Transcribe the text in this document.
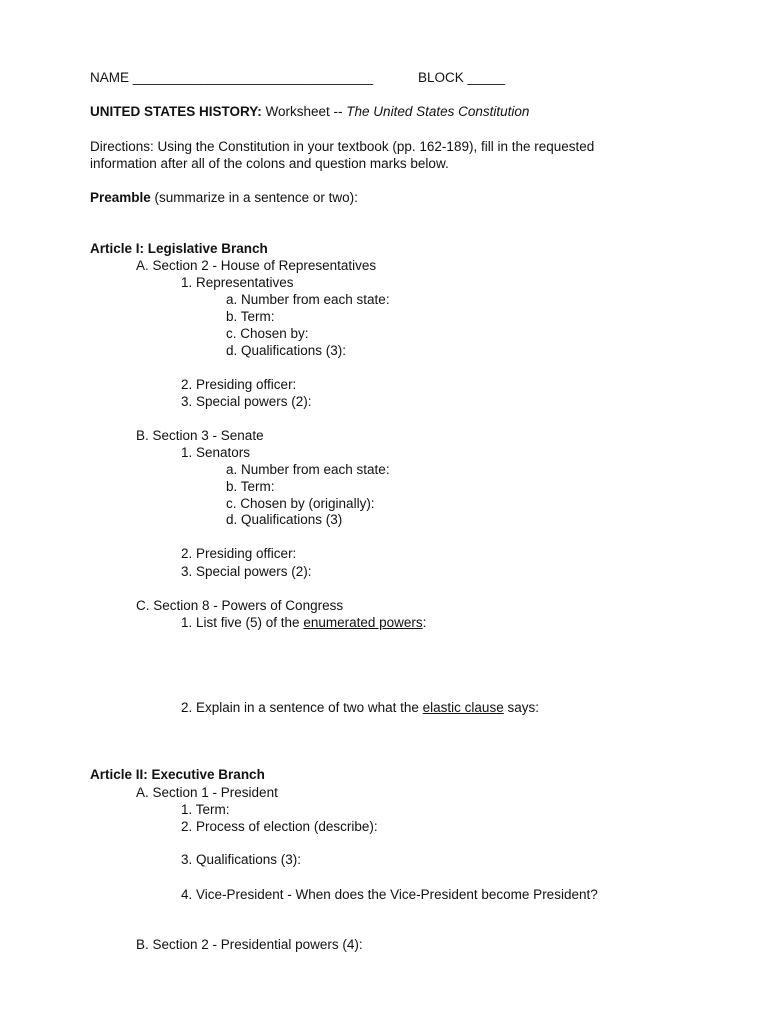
NAME ________________________________	BLOCK _____
UNITED STATES HISTORY: Worksheet -- The United States Constitution
Directions: Using the Constitution in your textbook (pp. 162-189), fill in the requested
information after all of the colons and question marks below.
Preamble (summarize in a sentence or two):
Article I: Legislative Branch
A. Section 2 - House of Representatives
1. Representatives
a. Number from each state:
b. Term:
c. Chosen by:
d. Qualifications (3):
2. Presiding officer:
3. Special powers (2):
B. Section 3 - Senate
1. Senators
a. Number from each state:
b. Term:
c. Chosen by (originally):
d. Qualifications (3)
2. Presiding officer:
3. Special powers (2):
C. Section 8 - Powers of Congress
1. List five (5) of the enumerated powers:
2. Explain in a sentence of two what the elastic clause says:
Article II: Executive Branch
A. Section 1 - President
1. Term:
2. Process of election (describe):
3. Qualifications (3):
4. Vice-President - When does the Vice-President become President?
B. Section 2 - Presidential powers (4):
